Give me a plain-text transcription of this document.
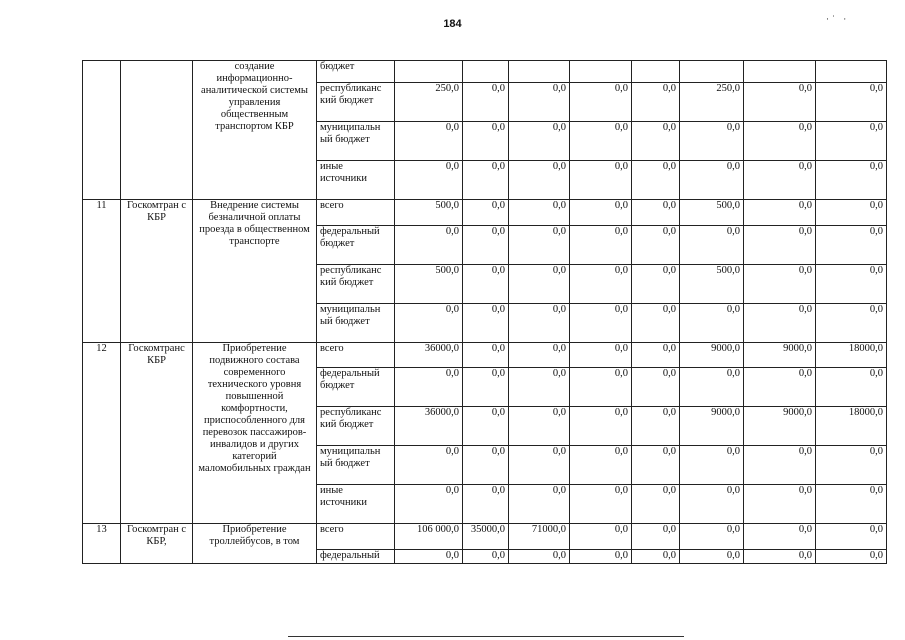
184	·˙ ·
		создание информационно-аналитической системы управления общественным транспортом КБР	бюджет								
			республиканс кий бюджет	250,0	0,0	0,0	0,0	0,0	250,0	0,0	0,0
			муниципальн ый бюджет	0,0	0,0	0,0	0,0	0,0	0,0	0,0	0,0
			иные источники	0,0	0,0	0,0	0,0	0,0	0,0	0,0	0,0
11	Госкомтран с КБР	Внедрение системы безналичной оплаты проезда в общественном транспорте	всего	500,0	0,0	0,0	0,0	0,0	500,0	0,0	0,0
			федеральный бюджет	0,0	0,0	0,0	0,0	0,0	0,0	0,0	0,0
			республиканс кий бюджет	500,0	0,0	0,0	0,0	0,0	500,0	0,0	0,0
			муниципальн ый бюджет	0,0	0,0	0,0	0,0	0,0	0,0	0,0	0,0
12	Госкомтранс КБР	Приобретение подвижного состава современного технического уровня повышенной комфортности, приспособленного для перевозок пассажиров-инвалидов и других категорий маломобильных граждан	всего	36000,0	0,0	0,0	0,0	0,0	9000,0	9000,0	18000,0
			федеральный бюджет	0,0	0,0	0,0	0,0	0,0	0,0	0,0	0,0
			республиканс кий бюджет	36000,0	0,0	0,0	0,0	0,0	9000,0	9000,0	18000,0
			муниципальн ый бюджет	0,0	0,0	0,0	0,0	0,0	0,0	0,0	0,0
			иные источники	0,0	0,0	0,0	0,0	0,0	0,0	0,0	0,0
13	Госкомтран с КБР,	Приобретение троллейбусов, в том	всего	106 000,0	35000,0	71000,0	0,0	0,0	0,0	0,0	0,0
			федеральный	0,0	0,0	0,0	0,0	0,0	0,0	0,0	0,0
